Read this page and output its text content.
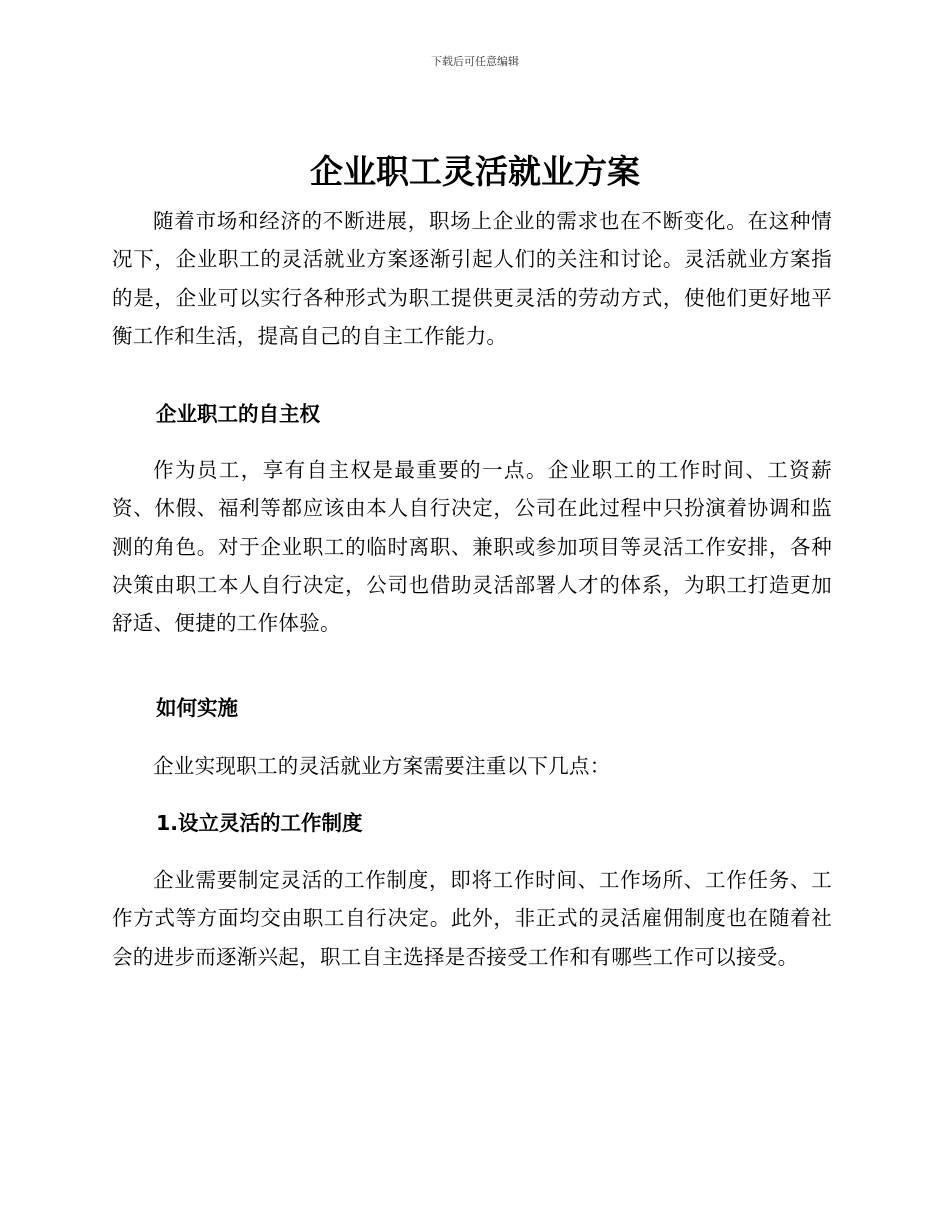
下载后可任意编辑
企业职工灵活就业方案

随着市场和经济的不断进展，职场上企业的需求也在不断变化。在这种情况下，企业职工的灵活就业方案逐渐引起人们的关注和讨论。灵活就业方案指的是，企业可以实行各种形式为职工提供更灵活的劳动方式，使他们更好地平衡工作和生活，提高自己的自主工作能力。

企业职工的自主权

作为员工，享有自主权是最重要的一点。企业职工的工作时间、工资薪资、休假、福利等都应该由本人自行决定，公司在此过程中只扮演着协调和监测的角色。对于企业职工的临时离职、兼职或参加项目等灵活工作安排，各种决策由职工本人自行决定，公司也借助灵活部署人才的体系，为职工打造更加舒适、便捷的工作体验。

如何实施

企业实现职工的灵活就业方案需要注重以下几点：

1.设立灵活的工作制度

企业需要制定灵活的工作制度，即将工作时间、工作场所、工作任务、工作方式等方面均交由职工自行决定。此外，非正式的灵活雇佣制度也在随着社会的进步而逐渐兴起，职工自主选择是否接受工作和有哪些工作可以接受。
